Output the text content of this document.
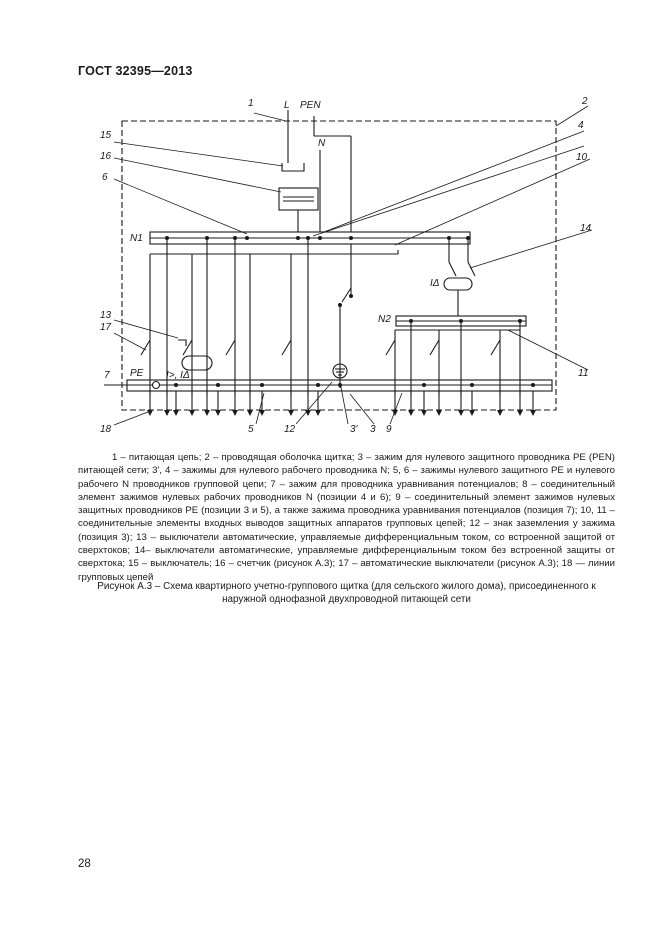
ГОСТ 32395—2013
1	L PEN
N
2
4
10
15
16
6
N1
14
IΔ
N2
13
17
I>, IΔ
PE
7	11
18	5	12	3' 3 9
1 – питающая цепь; 2 – проводящая оболочка щитка; 3 – зажим для нулевого защитного проводника PE (PEN) питающей сети; 3', 4 – зажимы для нулевого рабочего проводника N; 5, 6 – зажимы нулевого защитного PE и нулевого рабочего N проводников групповой цепи; 7 – зажим для проводника уравнивания потенциалов; 8 – соединительный элемент зажимов нулевых рабочих проводников N (позиции 4 и 6); 9 – соединительный элемент зажимов нулевых защитных проводников PE (позиции 3 и 5), а также зажима проводника уравнивания потенциалов (позиция 7); 10, 11 – соединительные элементы входных выводов защитных аппаратов групповых цепей; 12 – знак заземления у зажима (позиция 3); 13 – выключатели автоматические, управляемые дифференциальным током, со встроенной защитой от сверхтоков; 14– выключатели автоматические, управляемые дифференциальным током без встроенной защиты от сверхтока; 15 – выключатель; 16 – счетчик (рисунок А.3); 17 – автоматические выключатели (рисунок А.3); 18 — линии групповых цепей
Рисунок А.3 – Схема квартирного учетно-группового щитка (для сельского жилого дома), присоединенного к наружной однофазной двухпроводной питающей сети
28
